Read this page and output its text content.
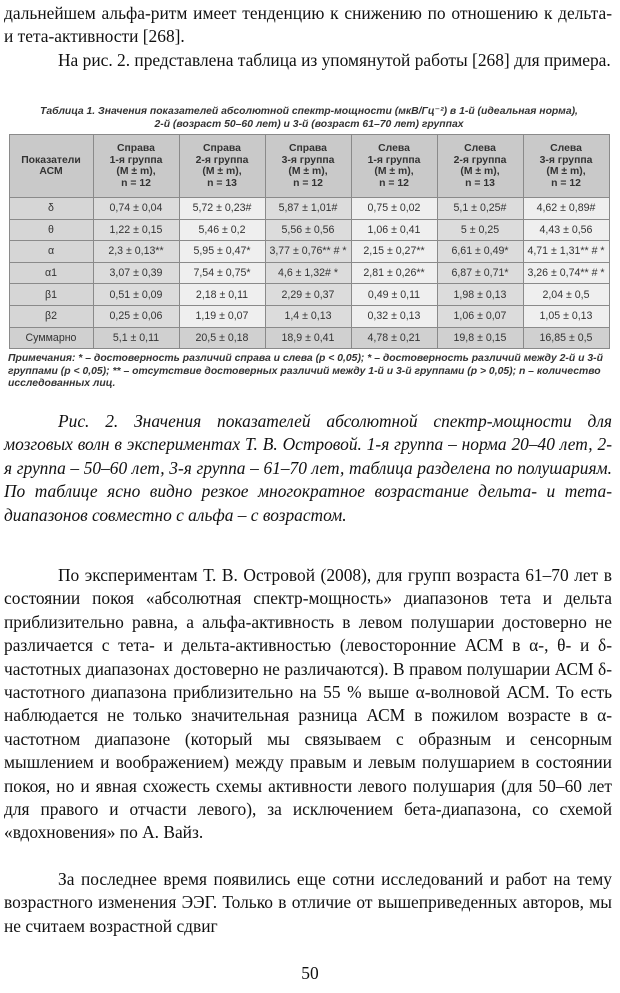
дальнейшем альфа-ритм имеет тенденцию к снижению по отношению к дельта- и тета-активности [268].
На рис. 2. представлена таблица из упомянутой работы [268] для примера.
Таблица 1. Значения показателей абсолютной спектр-мощности (мкВ/Гц⁻²) в 1-й (идеальная норма),
2-й (возраст 50–60 лет) и 3-й (возраст 61–70 лет) группах
Показатели
АСМ	Справа
1-я группа
(M ± m),
n = 12	Справа
2-я группа
(M ± m),
n = 13	Справа
3-я группа
(M ± m),
n = 12	Слева
1-я группа
(M ± m),
n = 12	Слева
2-я группа
(M ± m),
n = 13	Слева
3-я группа
(M ± m),
n = 12
δ	0,74 ± 0,04	5,72 ± 0,23#	5,87 ± 1,01#	0,75 ± 0,02	5,1 ± 0,25#	4,62 ± 0,89#
θ	1,22 ± 0,15	5,46 ± 0,2	5,56 ± 0,56	1,06 ± 0,41	5 ± 0,25	4,43 ± 0,56
α	2,3 ± 0,13**	5,95 ± 0,47*	3,77 ± 0,76** # *	2,15 ± 0,27**	6,61 ± 0,49*	4,71 ± 1,31** # *
α1	3,07 ± 0,39	7,54 ± 0,75*	4,6 ± 1,32# *	2,81 ± 0,26**	6,87 ± 0,71*	3,26 ± 0,74** # *
β1	0,51 ± 0,09	2,18 ± 0,11	2,29 ± 0,37	0,49 ± 0,11	1,98 ± 0,13	2,04 ± 0,5
β2	0,25 ± 0,06	1,19 ± 0,07	1,4 ± 0,13	0,32 ± 0,13	1,06 ± 0,07	1,05 ± 0,13
Суммарно	5,1 ± 0,11	20,5 ± 0,18	18,9 ± 0,41	4,78 ± 0,21	19,8 ± 0,15	16,85 ± 0,5
Примечания: * – достоверность различий справа и слева (p < 0,05); * – достоверность различий между 2-й и 3-й группами (p < 0,05); ** – отсутствие достоверных различий между 1-й и 3-й группами (p > 0,05); n – количество исследованных лиц.
Рис. 2. Значения показателей абсолютной спектр-мощности для мозговых волн в экспериментах Т. В. Островой. 1-я группа – норма 20–40 лет, 2-я группа – 50–60 лет, 3-я группа – 61–70 лет, таблица разделена по полушариям. По таблице ясно видно резкое многократное возрастание дельта- и тета-диапазонов совместно с альфа – с возрастом.
По экспериментам Т. В. Островой (2008), для групп возраста 61–70 лет в состоянии покоя «абсолютная спектр-мощность» диапазонов тета и дельта приблизительно равна, а альфа-активность в левом полушарии достоверно не различается с тета- и дельта-активностью (левосторонние АСМ в α-, θ- и δ-частотных диапазонах достоверно не различаются). В правом полушарии АСМ δ-частотного диапазона приблизительно на 55 % выше α-волновой АСМ. То есть наблюдается не только значительная разница АСМ в пожилом возрасте в α-частотном диапазоне (который мы связываем с образным и сенсорным мышлением и воображением) между правым и левым полушарием в состоянии покоя, но и явная схожесть схемы активности левого полушария (для 50–60 лет для правого и отчасти левого), за исключением бета-диапазона, со схемой «вдохновения» по А. Вайз.
За последнее время появились еще сотни исследований и работ на тему возрастного изменения ЭЭГ. Только в отличие от вышеприведенных авторов, мы не считаем возрастной сдвиг
50
